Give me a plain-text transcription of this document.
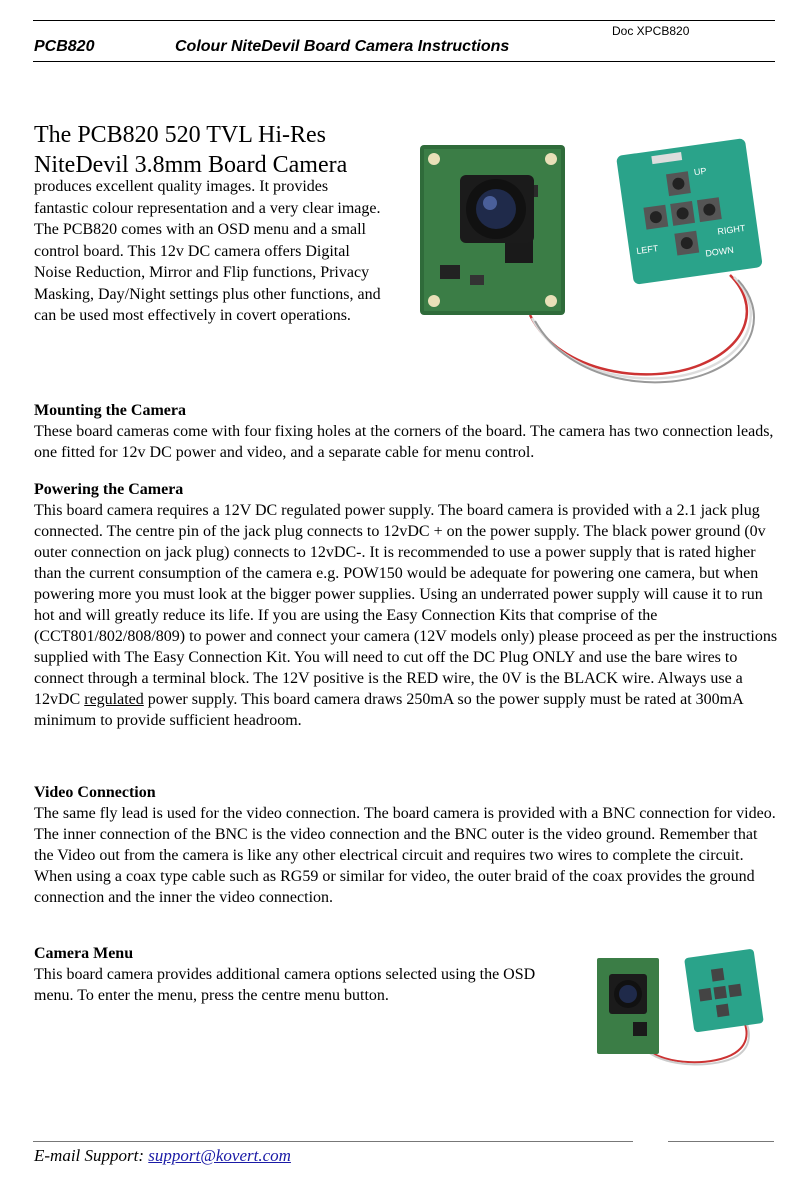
Doc XPCB820
PCB820	Colour NiteDevil Board Camera Instructions
The PCB820 520 TVL Hi-Res
NiteDevil 3.8mm Board Camera
produces excellent quality images. It provides fantastic colour representation and a very clear image. The PCB820 comes with an OSD menu and a small control board. This 12v DC camera offers Digital Noise Reduction, Mirror and Flip functions, Privacy Masking, Day/Night settings plus other functions, and can be used most effectively in covert operations.
UP
LEFT
RIGHT
DOWN
Mounting the Camera
These board cameras come with four fixing holes at the corners of the board. The camera has two connection leads, one fitted for 12v DC power and video, and a separate cable for menu control.
Powering the Camera
This board camera requires a 12V DC regulated power supply. The board camera is provided with a 2.1 jack plug connected. The centre pin of the jack plug connects to 12vDC + on the power supply. The black power ground (0v outer connection on jack plug) connects to 12vDC-. It is recommended to use a power supply that is rated higher than the current consumption of the camera e.g. POW150 would be adequate for powering one camera, but when powering more you must look at the bigger power supplies. Using an underrated power supply will cause it to run hot and will greatly reduce its life. If you are using the Easy Connection Kits that comprise of the (CCT801/802/808/809) to power and connect your camera (12V models only) please proceed as per the instructions supplied with The Easy Connection Kit. You will need to cut off the DC Plug ONLY and use the bare wires to connect through a terminal block. The 12V positive is the RED wire, the 0V is the BLACK wire. Always use a 12vDC regulated power supply. This board camera draws 250mA so the power supply must be rated at 300mA minimum to provide sufficient headroom.
Video Connection
The same fly lead is used for the video connection. The board camera is provided with a BNC connection for video. The inner connection of the BNC is the video connection and the BNC outer is the video ground. Remember that the Video out from the camera is like any other electrical circuit and requires two wires to complete the circuit. When using a coax type cable such as RG59 or similar for video, the outer braid of the coax provides the ground connection and the inner the video connection.
Camera Menu
This board camera provides additional camera options selected using the OSD menu. To enter the menu, press the centre menu button.
E-mail Support: support@kovert.com
